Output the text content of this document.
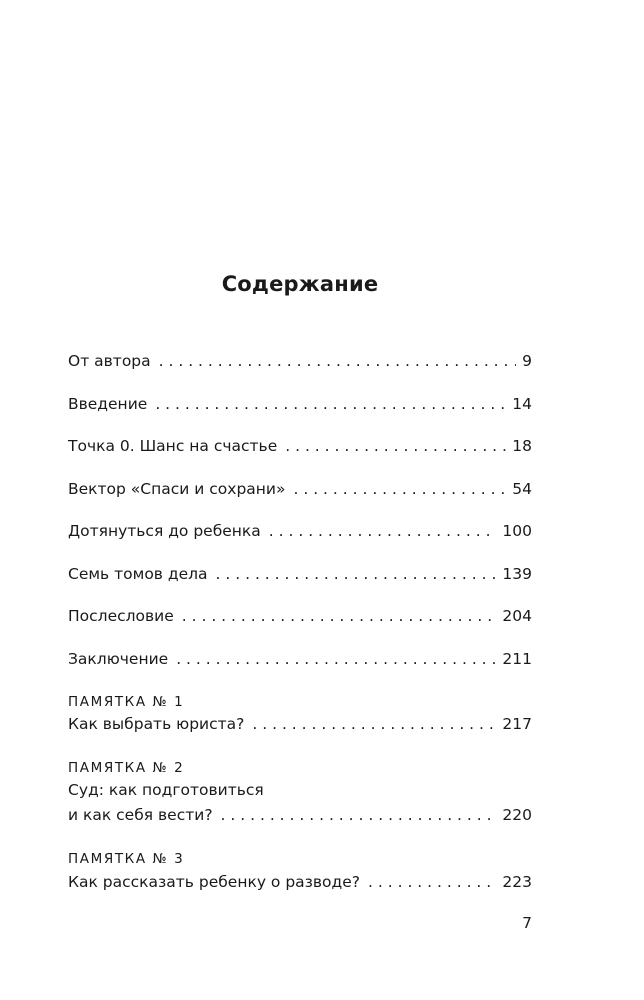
Содержание
От автора . . .	9
Введение . . .	14
Точка 0. Шанс на счастье . . .	18
Вектор «Спаси и сохрани» . . .	54
Дотянуться до ребенка . . .	100
Семь томов дела . . .	139
Послесловие . . .	204
Заключение . . .	211
ПАМЯТКА № 1
Как выбрать юриста? . . .	217
ПАМЯТКА № 2
Суд: как подготовиться
и как себя вести? . . .	220
ПАМЯТКА № 3
Как рассказать ребенку о разводе? . . .	223
7
